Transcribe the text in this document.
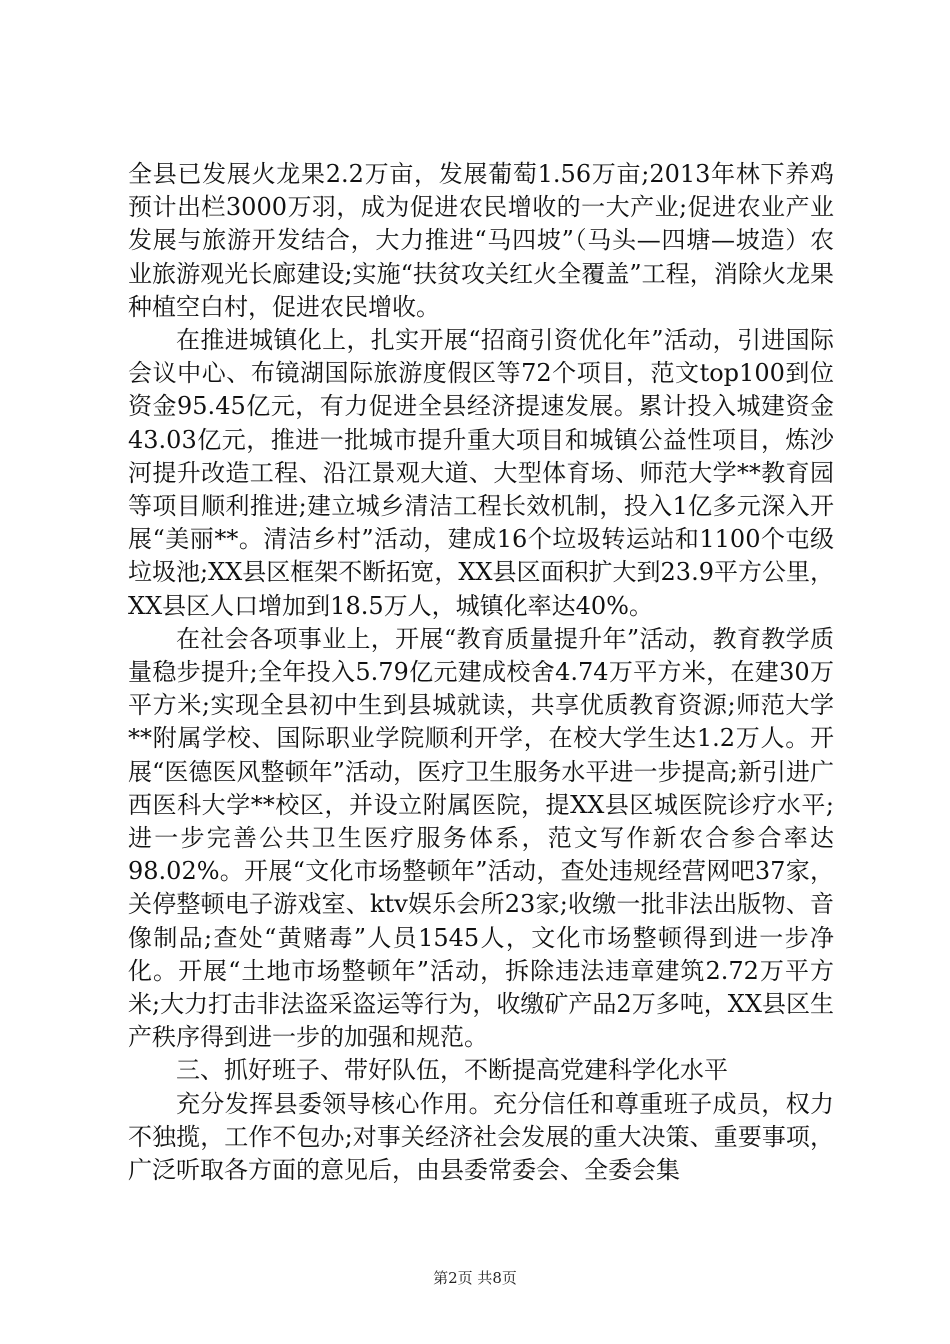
全县已发展火龙果2.2万亩，发展葡萄1.56万亩;2013年林下养鸡预计出栏3000万羽，成为促进农民增收的一大产业;促进农业产业发展与旅游开发结合，大力推进“马四坡”（马头—四塘—坡造）农业旅游观光长廊建设;实施“扶贫攻关红火全覆盖”工程，消除火龙果种植空白村，促进农民增收。

在推进城镇化上，扎实开展“招商引资优化年”活动，引进国际会议中心、布镜湖国际旅游度假区等72个项目，范文top100到位资金95.45亿元，有力促进全县经济提速发展。累计投入城建资金43.03亿元，推进一批城市提升重大项目和城镇公益性项目，炼沙河提升改造工程、沿江景观大道、大型体育场、师范大学**教育园等项目顺利推进;建立城乡清洁工程长效机制，投入1亿多元深入开展“美丽**。清洁乡村”活动，建成16个垃圾转运站和1100个屯级垃圾池;XX县区框架不断拓宽，XX县区面积扩大到23.9平方公里，XX县区人口增加到18.5万人，城镇化率达40%。

在社会各项事业上，开展“教育质量提升年”活动，教育教学质量稳步提升;全年投入5.79亿元建成校舍4.74万平方米，在建30万平方米;实现全县初中生到县城就读，共享优质教育资源;师范大学**附属学校、国际职业学院顺利开学，在校大学生达1.2万人。开展“医德医风整顿年”活动，医疗卫生服务水平进一步提高;新引进广西医科大学**校区，并设立附属医院，提XX县区城医院诊疗水平;进一步完善公共卫生医疗服务体系，范文写作新农合参合率达98.02%。开展“文化市场整顿年”活动，查处违规经营网吧37家，关停整顿电子游戏室、ktv娱乐会所23家;收缴一批非法出版物、音像制品;查处“黄赌毒”人员1545人，文化市场整顿得到进一步净化。开展“土地市场整顿年”活动，拆除违法违章建筑2.72万平方米;大力打击非法盗采盗运等行为，收缴矿产品2万多吨，XX县区生产秩序得到进一步的加强和规范。

三、抓好班子、带好队伍，不断提高党建科学化水平

充分发挥县委领导核心作用。充分信任和尊重班子成员，权力不独揽，工作不包办;对事关经济社会发展的重大决策、重要事项，广泛听取各方面的意见后，由县委常委会、全委会集

第2页 共8页
